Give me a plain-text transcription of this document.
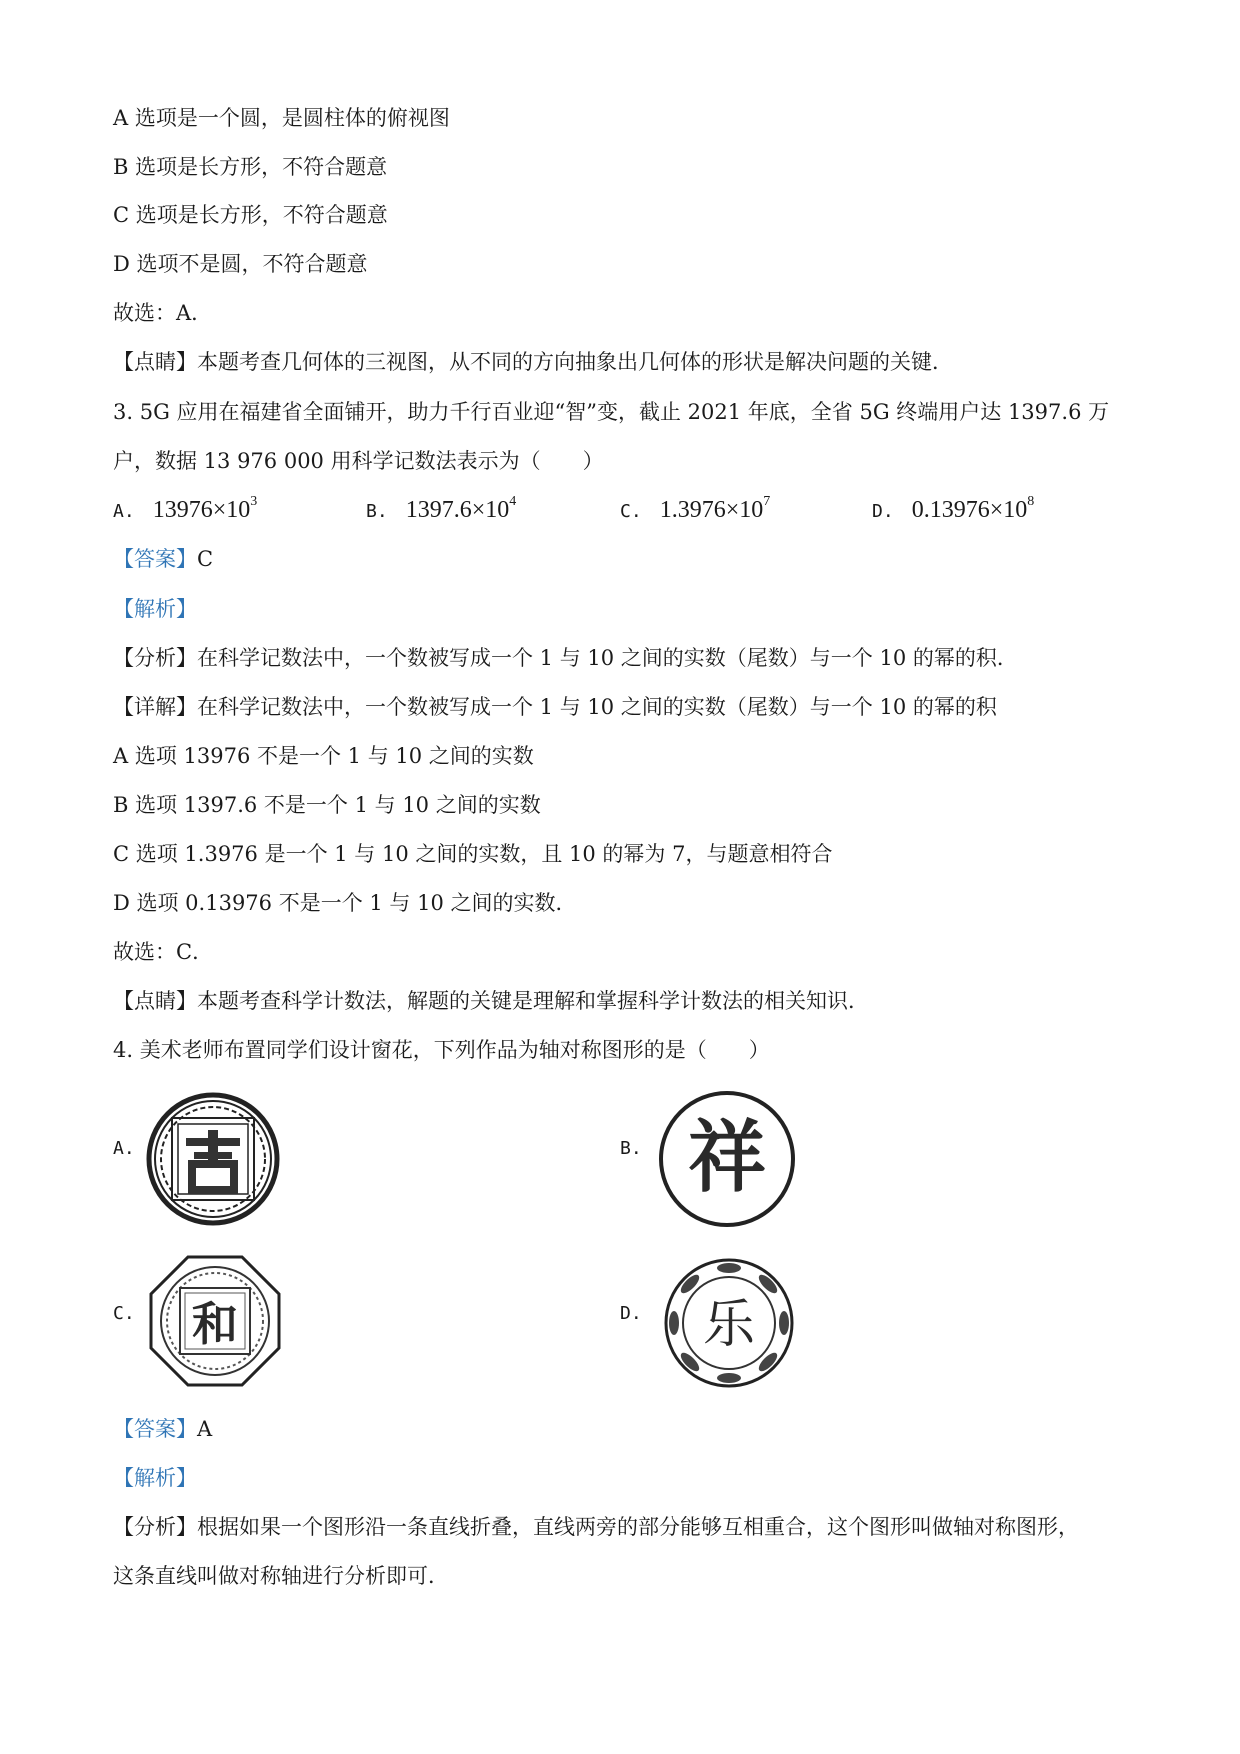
A 选项是一个圆，是圆柱体的俯视图
B 选项是长方形，不符合题意
C 选项是长方形，不符合题意
D 选项不是圆，不符合题意
故选：A．
【点睛】本题考查几何体的三视图，从不同的方向抽象出几何体的形状是解决问题的关键．
3. 5G 应用在福建省全面铺开，助力千行百业迎“智”变，截止 2021 年底，全省 5G 终端用户达 1397.6 万
户，数据 13 976 000 用科学记数法表示为（　　）
A. $13976\times 10^3$	B. $1397.6\times 10^4$	C. $1.3976\times 10^7$	D. $0.13976\times 10^8$
【答案】C
【解析】
【分析】在科学记数法中，一个数被写成一个 1 与 10 之间的实数（尾数）与一个 10 的幂的积．
【详解】在科学记数法中，一个数被写成一个 1 与 10 之间的实数（尾数）与一个 10 的幂的积
A 选项 13976 不是一个 1 与 10 之间的实数
B 选项 1397.6 不是一个 1 与 10 之间的实数
C 选项 1.3976 是一个 1 与 10 之间的实数，且 10 的幂为 7，与题意相符合
D 选项 0.13976 不是一个 1 与 10 之间的实数．
故选：C．
【点睛】本题考查科学计数法，解题的关键是理解和掌握科学计数法的相关知识．
4. 美术老师布置同学们设计窗花，下列作品为轴对称图形的是（　　）
A.	B. 祥
C. 和	D. 乐
【答案】A
【解析】
【分析】根据如果一个图形沿一条直线折叠，直线两旁的部分能够互相重合，这个图形叫做轴对称图形，
这条直线叫做对称轴进行分析即可．
